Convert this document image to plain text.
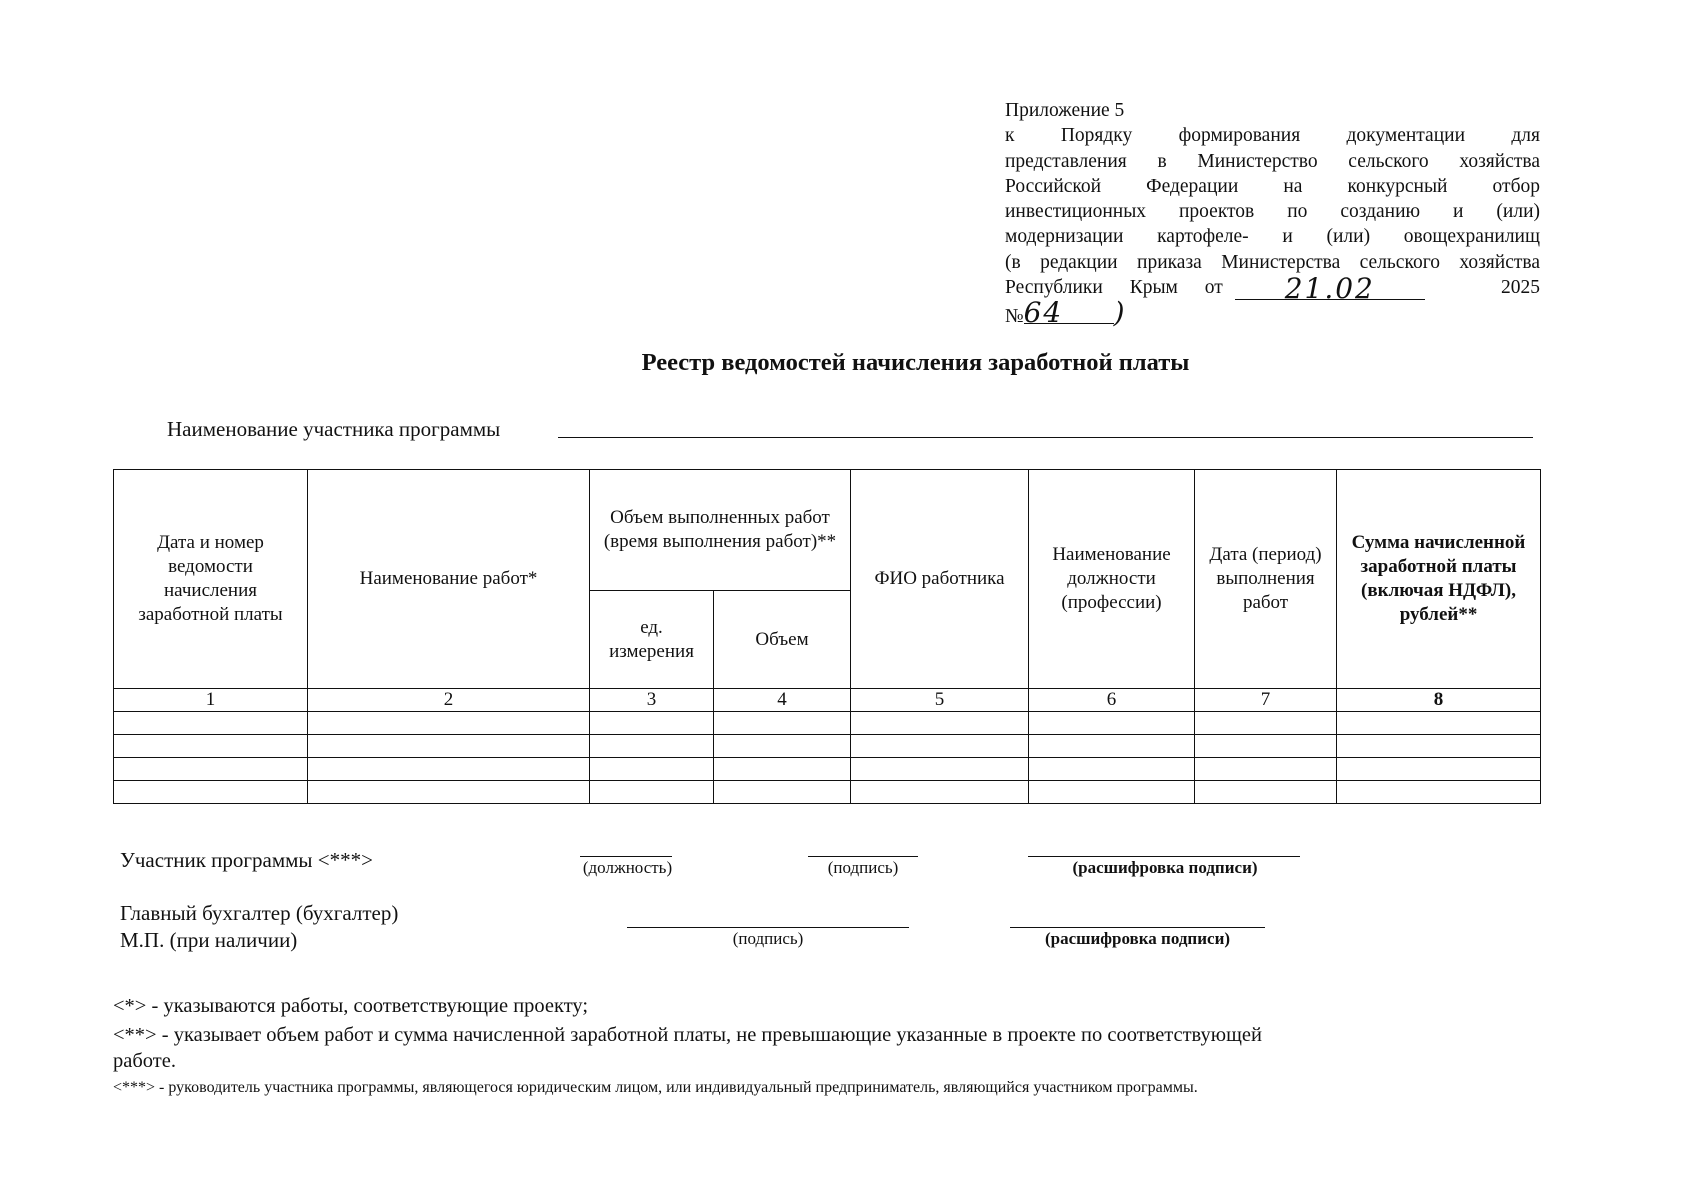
Приложение 5
к Порядку формирования документации для
представления в Министерство сельского хозяйства
Российской Федерации на конкурсный отбор
инвестиционных проектов по созданию и (или)
модернизации картофеле- и (или) овощехранилищ
(в редакции приказа Министерства сельского хозяйства
Республики Крым от	21.02	2025
№64 )
Реестр ведомостей начисления заработной платы
Наименование участника программы
Дата и номер ведомости начисления заработной платы	Наименование работ*	Объем выполненных работ (время выполнения работ)**		ФИО работника	Наименование должности (профессии)	Дата (период) выполнения работ	Сумма начисленной заработной платы (включая НДФЛ), рублей**
		ед. измерения	Объем				
1	2	3	4	5	6	7	8

Участник программы <***>	(должность)	(подпись)	(расшифровка подписи)
Главный бухгалтер (бухгалтер)
М.П. (при наличии)	(подпись)	(расшифровка подписи)
<*> - указываются работы, соответствующие проекту;
<**> - указывает объем работ и сумма начисленной заработной платы, не превышающие указанные в проекте по соответствующей
работе.
<***> - руководитель участника программы, являющегося юридическим лицом, или индивидуальный предприниматель, являющийся участником программы.
